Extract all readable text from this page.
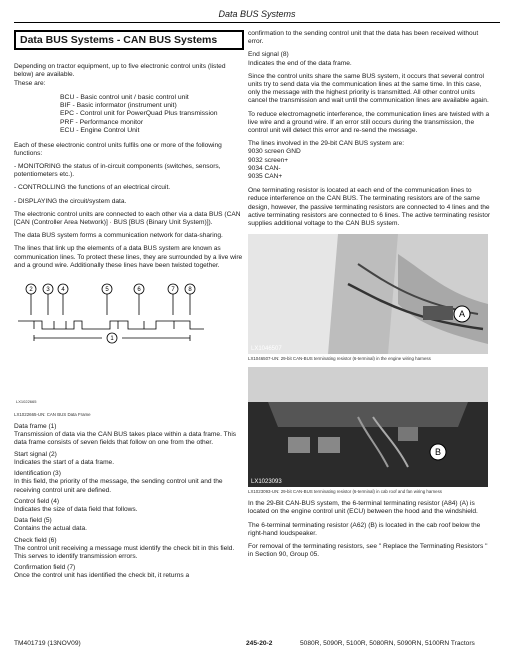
Data BUS Systems
Data BUS Systems - CAN BUS Systems

Depending on tractor equipment, up to five electronic control units (listed below) are available.

These are:

BCU - Basic control unit / basic control unit
BIF - Basic informator (instrument unit)
EPC - Control unit for PowerQuad Plus transmission
PRF - Performance monitor
ECU - Engine Control Unit

Each of these electronic control units fulfils one or more of the following functions:

- MONITORING the status of in-circuit components (switches, sensors, potentiometers etc.).

- CONTROLLING the functions of an electrical circuit.

- DISPLAYING the circuit/system data.

The electronic control units are connected to each other via a data BUS (CAN [CAN (Controller Area Network)] · BUS [BUS (Binary Unit System)]).

The data BUS system forms a communication network for data-sharing.

The lines that link up the elements of a data BUS system are known as communication lines. To protect these lines, they are surrounded by a live wire and a ground wire. Additionally these lines have been twisted together.

2 3 4	5	6	7 8
1
LX1022665
LX1022665-UN: CAN BUS Data Frame
Data frame (1)
Transmission of data via the CAN BUS takes place within a data frame. This data frame consists of seven fields that follow on one from the other.
Start signal (2)
Indicates the start of a data frame.
Identification (3)
In this field, the priority of the message, the sending control unit and the receiving control unit are defined.
Control field (4)
Indicates the size of data field that follows.
Data field (5)
Contains the actual data.
Check field (6)
The control unit receiving a message must identify the check bit in this field. This serves to identify transmission errors.
Confirmation field (7)
Once the control unit has identified the check bit, it returns a

confirmation to the sending control unit that the data has been received without error.

End signal (8)

Indicates the end of the data frame.

Since the control units share the same BUS system, it occurs that several control units try to send data via the communication lines at the same time. In this case, only the message with the highest priority is transmitted. All other control units cancel the transmission and wait until the communication lines are available again.

To reduce electromagnetic interference, the communication lines are twisted with a live wire and a ground wire. If an error still occurs during the transmission, the control unit will detect this error and re-send the message.

The lines involved in the 29-bit CAN BUS system are:
9030 screen GND
9032 screen+
9034 CAN-
9035 CAN+

One terminating resistor is located at each end of the communication lines to reduce interference on the CAN BUS. The terminating resistors are of the same design, however, the passive terminating resistors are connected to 4 lines and the active terminating resistors are connected to 6 lines. The active terminating resistor supplies additional voltage to the CAN BUS system.

A
LX1046507
LX1046507-UN: 29-bit CAN-BUS terminating resistor (6-terminal) in the engine wiring harness
B
LX1023093
LX1023093-UN: 29-bit CAN-BUS terminating resistor (6-terminal) in cab roof and fan wiring harness

In the 29-Bit CAN-BUS system, the 6-terminal terminating resistor (A84) (A) is located on the engine control unit (ECU) between the hood and the windshield.

The 6-terminal terminating resistor (A62) (B) is located in the cab roof below the right-hand loudspeaker.

For removal of the terminating resistors, see " Replace the Terminating Resistors " in Section 90, Group 05.

TM401719 (13NOV09)	245-20-2	5080R, 5090R, 5100R, 5080RN, 5090RN, 5100RN Tractors
